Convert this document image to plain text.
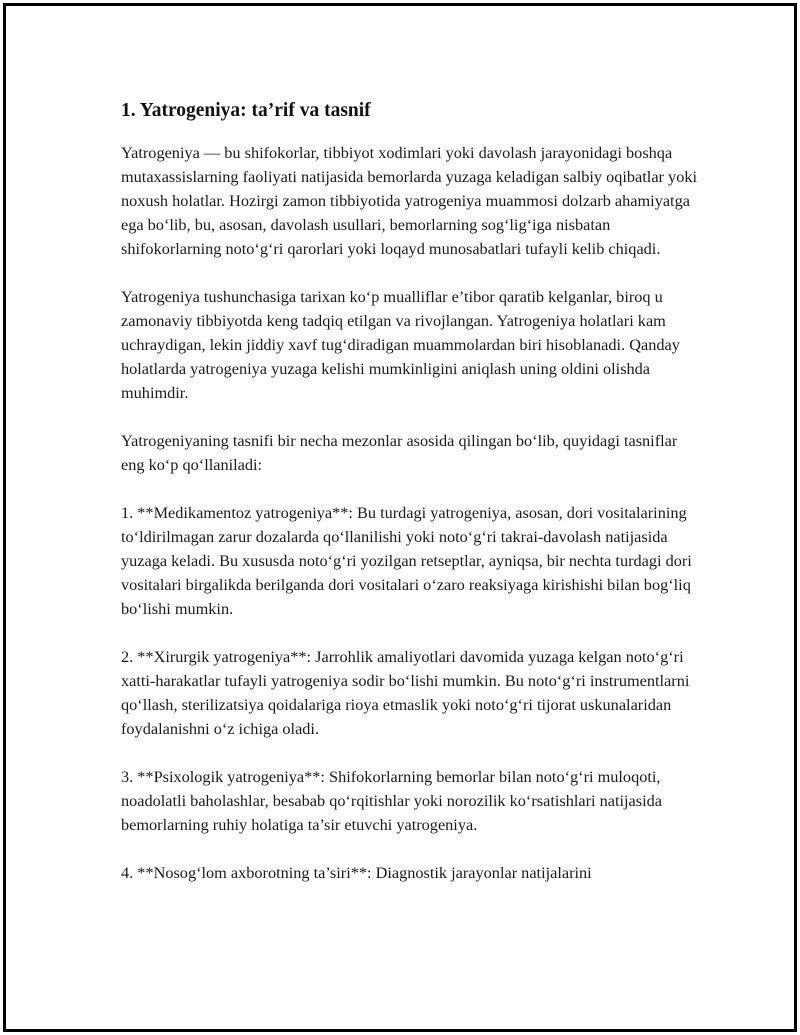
1. Yatrogeniya: ta’rif va tasnif

Yatrogeniya — bu shifokorlar, tibbiyot xodimlari yoki davolash jarayonidagi boshqa mutaxassislarning faoliyati natijasida bemorlarda yuzaga keladigan salbiy oqibatlar yoki noxush holatlar. Hozirgi zamon tibbiyotida yatrogeniya muammosi dolzarb ahamiyatga ega bo‘lib, bu, asosan, davolash usullari, bemorlarning sog‘lig‘iga nisbatan shifokorlarning noto‘g‘ri qarorlari yoki loqayd munosabatlari tufayli kelib chiqadi.

Yatrogeniya tushunchasiga tarixan ko‘p mualliflar e’tibor qaratib kelganlar, biroq u zamonaviy tibbiyotda keng tadqiq etilgan va rivojlangan. Yatrogeniya holatlari kam uchraydigan, lekin jiddiy xavf tug‘diradigan muammolardan biri hisoblanadi. Qanday holatlarda yatrogeniya yuzaga kelishi mumkinligini aniqlash uning oldini olishda muhimdir.

Yatrogeniyaning tasnifi bir necha mezonlar asosida qilingan bo‘lib, quyidagi tasniflar eng ko‘p qo‘llaniladi:

1. **Medikamentoz yatrogeniya**: Bu turdagi yatrogeniya, asosan, dori vositalarining to‘ldirilmagan zarur dozalarda qo‘llanilishi yoki noto‘g‘ri takrai-davolash natijasida yuzaga keladi. Bu xususda noto‘g‘ri yozilgan retseptlar, ayniqsa, bir nechta turdagi dori vositalari birgalikda berilganda dori vositalari o‘zaro reaksiyaga kirishishi bilan bog‘liq bo‘lishi mumkin.

2. **Xirurgik yatrogeniya**: Jarrohlik amaliyotlari davomida yuzaga kelgan noto‘g‘ri xatti-harakatlar tufayli yatrogeniya sodir bo‘lishi mumkin. Bu noto‘g‘ri instrumentlarni qo‘llash, sterilizatsiya qoidalariga rioya etmaslik yoki noto‘g‘ri tijorat uskunalaridan foydalanishni o‘z ichiga oladi.

3. **Psixologik yatrogeniya**: Shifokorlarning bemorlar bilan noto‘g‘ri muloqoti, noadolatli baholashlar, besabab qo‘rqitishlar yoki norozilik ko‘rsatishlari natijasida bemorlarning ruhiy holatiga ta’sir etuvchi yatrogeniya.

4. **Nosog‘lom axborotning ta’siri**: Diagnostik jarayonlar natijalarini
